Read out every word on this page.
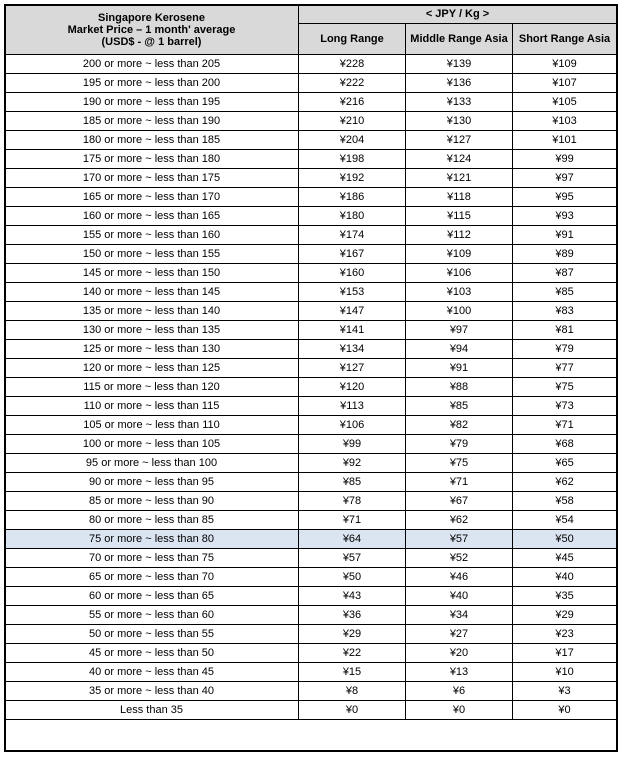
Singapore Kerosene
Market Price – 1 month' average
(USD$ - @ 1 barrel)	< JPY / Kg >		
	Long Range	Middle Range Asia	Short Range Asia
200 or more ~ less than 205	¥228	¥139	¥109
195 or more ~ less than 200	¥222	¥136	¥107
190 or more ~ less than 195	¥216	¥133	¥105
185 or more ~ less than 190	¥210	¥130	¥103
180 or more ~ less than 185	¥204	¥127	¥101
175 or more ~ less than 180	¥198	¥124	¥99
170 or more ~ less than 175	¥192	¥121	¥97
165 or more ~ less than 170	¥186	¥118	¥95
160 or more ~ less than 165	¥180	¥115	¥93
155 or more ~ less than 160	¥174	¥112	¥91
150 or more ~ less than 155	¥167	¥109	¥89
145 or more ~ less than 150	¥160	¥106	¥87
140 or more ~ less than 145	¥153	¥103	¥85
135 or more ~ less than 140	¥147	¥100	¥83
130 or more ~ less than 135	¥141	¥97	¥81
125 or more ~ less than 130	¥134	¥94	¥79
120 or more ~ less than 125	¥127	¥91	¥77
115 or more ~ less than 120	¥120	¥88	¥75
110 or more ~ less than 115	¥113	¥85	¥73
105 or more ~ less than 110	¥106	¥82	¥71
100 or more ~ less than 105	¥99	¥79	¥68
95 or more ~ less than 100	¥92	¥75	¥65
90 or more ~ less than 95	¥85	¥71	¥62
85 or more ~ less than 90	¥78	¥67	¥58
80 or more ~ less than 85	¥71	¥62	¥54
75 or more ~ less than 80	¥64	¥57	¥50
70 or more ~ less than 75	¥57	¥52	¥45
65 or more ~ less than 70	¥50	¥46	¥40
60 or more ~ less than 65	¥43	¥40	¥35
55 or more ~ less than 60	¥36	¥34	¥29
50 or more ~ less than 55	¥29	¥27	¥23
45 or more ~ less than 50	¥22	¥20	¥17
40 or more ~ less than 45	¥15	¥13	¥10
35 or more ~ less than 40	¥8	¥6	¥3
Less than 35	¥0	¥0	¥0
